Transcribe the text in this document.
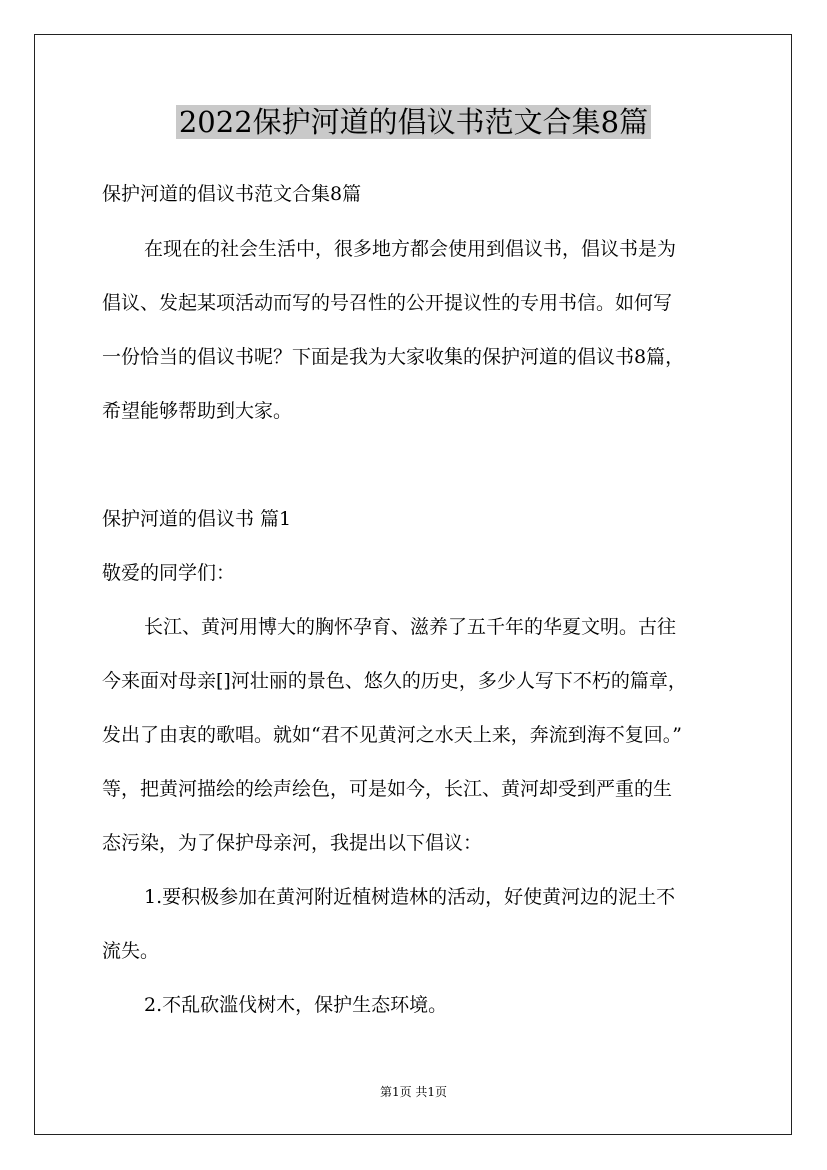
2022保护河道的倡议书范文合集8篇

保护河道的倡议书范文合集8篇

在现在的社会生活中，很多地方都会使用到倡议书，倡议书是为

倡议、发起某项活动而写的号召性的公开提议性的专用书信。如何写

一份恰当的倡议书呢？下面是我为大家收集的保护河道的倡议书8篇，

希望能够帮助到大家。

保护河道的倡议书 篇1

敬爱的同学们：

长江、黄河用博大的胸怀孕育、滋养了五千年的华夏文明。古往

今来面对母亲[]河壮丽的景色、悠久的历史，多少人写下不朽的篇章，

发出了由衷的歌唱。就如“君不见黄河之水天上来，奔流到海不复回。”

等，把黄河描绘的绘声绘色，可是如今，长江、黄河却受到严重的生

态污染，为了保护母亲河，我提出以下倡议：

1.要积极参加在黄河附近植树造林的活动，好使黄河边的泥土不

流失。

2.不乱砍滥伐树木，保护生态环境。

第1页 共1页
